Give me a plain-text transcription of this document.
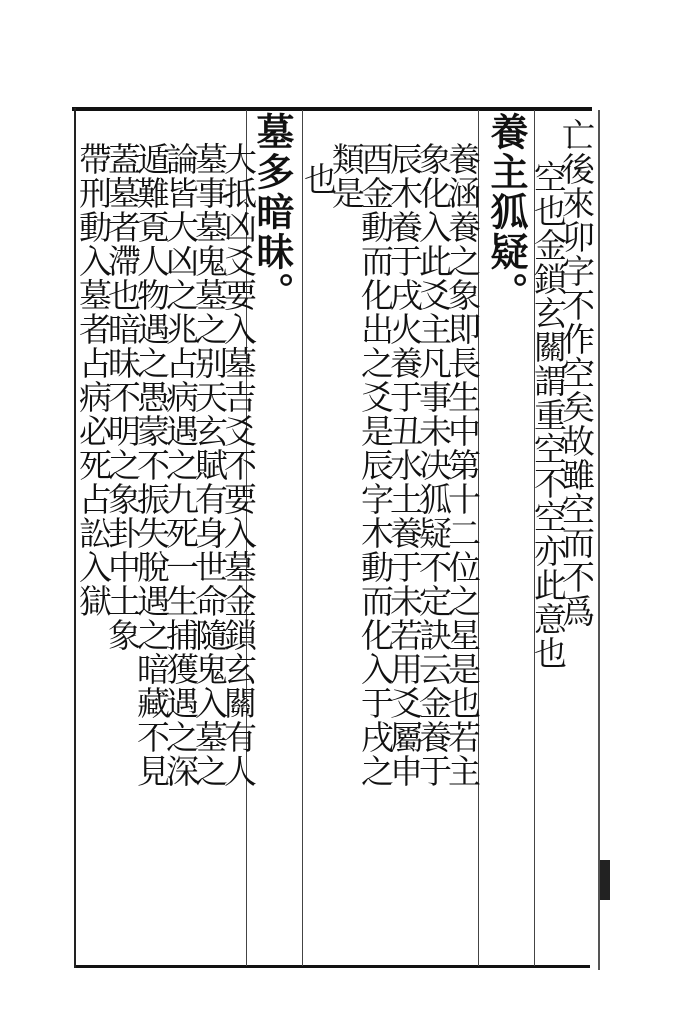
亡後來卯字不作空矣故雖空而不爲
空也金鎖玄關謂重空不空亦此意也
養主狐疑。
養涵養之象即長生中第十二位之星是也若主
象化入此爻主凡事未决狐疑不定訣云金養于
辰木養于戌火養于丑水土養于未若用爻屬申
酉金動而化出之爻是辰字木動而化入于戌之
類是
也
墓多暗昧。
大抵凶爻要入墓吉爻不要入墓金鎖玄關有人
墓事墓鬼墓之别天玄賦有身世命隨鬼入墓之
論皆大凶之兆占病遇之九死一生捕獲遇之深
遁難覔人物遇之愚蒙不振失脫遇之暗藏不見
蓋墓者滯也暗昧不明之象卦中土象
帶刑動入墓者占病必死占訟入獄
